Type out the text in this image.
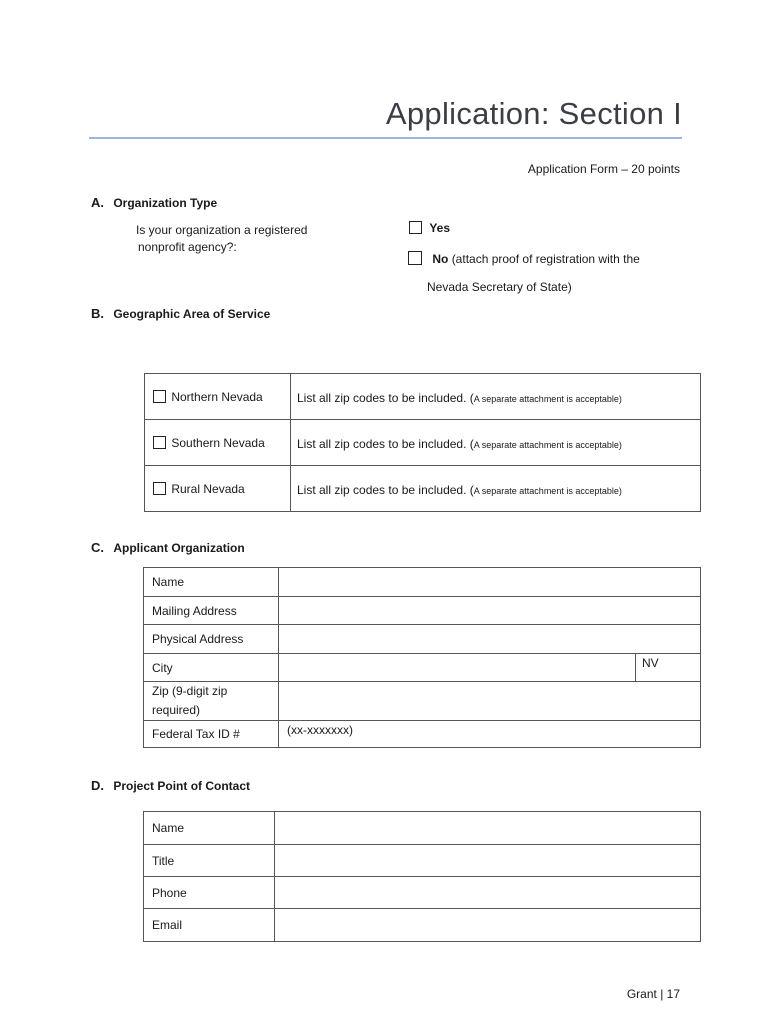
Application: Section I
Application Form – 20 points
A. Organization Type
Is your organization a registered
nonprofit agency?:
Yes
No (attach proof of registration with the
Nevada Secretary of State)
B. Geographic Area of Service
Northern Nevada	List all zip codes to be included. (A separate attachment is acceptable)
Southern Nevada	List all zip codes to be included. (A separate attachment is acceptable)
Rural Nevada	List all zip codes to be included. (A separate attachment is acceptable)
C. Applicant Organization
Name		
Mailing Address		
Physical Address		
City		NV

Zip (9-digit zip
required)		

Federal Tax ID #	(xx-xxxxxxx)	
D. Project Point of Contact
Name	
Title	
Phone	
Email	
Grant | 17
